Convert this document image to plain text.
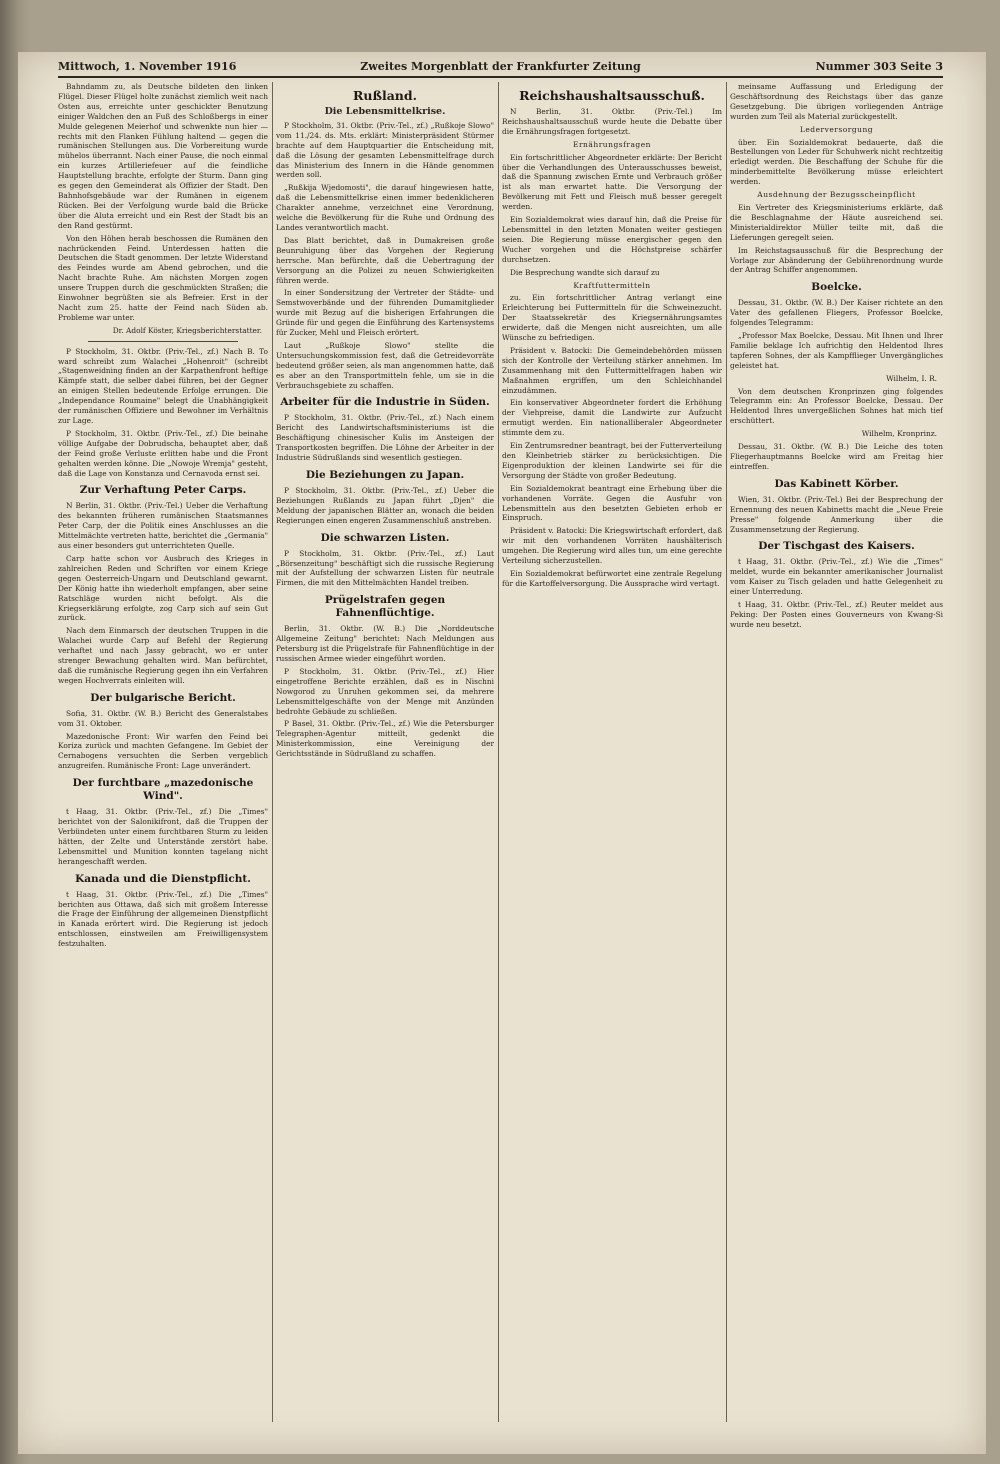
Mittwoch, 1. November 1916	Zweites Morgenblatt der Frankfurter Zeitung	Nummer 303 Seite 3

Bahndamm zu, als Deutsche bildeten den linken Flügel. Dieser Flügel holte zunächst ziemlich weit nach Osten aus, erreichte unter geschickter Benutzung einiger Waldchen den an Fuß des Schloßbergs in einer Mulde gelegenen Meierhof und schwenkte nun hier — rechts mit den Flanken Fühlung haltend — gegen die rumänischen Stellungen aus. Die Vorbereitung wurde mühelos überrannt. Nach einer Pause, die noch einmal ein kurzes Artilleriefeuer auf die feindliche Hauptstellung brachte, erfolgte der Sturm. Dann ging es gegen den Gemeinderat als Offizier der Stadt. Den Bahnhofsgebäude war der Rumänen in eigenem Rücken. Bei der Verfolgung wurde bald die Brücke über die Aluta erreicht und ein Rest der Stadt bis an den Rand gestürmt.

Von den Höhen herab beschossen die Rumänen den nachrückenden Feind. Unterdessen hatten die Deutschen die Stadt genommen. Der letzte Widerstand des Feindes wurde am Abend gebrochen, und die Nacht brachte Ruhe. Am nächsten Morgen zogen unsere Truppen durch die geschmückten Straßen; die Einwohner begrüßten sie als Befreier. Erst in der Nacht zum 25. hatte der Feind nach Süden ab. Probleme war unter.

Dr. Adolf Köster, Kriegsberichterstatter.

P Stockholm, 31. Oktbr. (Priv.-Tel., zf.) Nach B. To ward schreibt zum Walachei „Hohenroit" (schreibt „Stagenweidning finden an der Karpathenfront heftige Kämpfe statt, die selber dabei führen, bei der Gegner an einigen Stellen bedeutende Erfolge errungen. Die „Independance Roumaine" belegt die Unabhängigkeit der rumänischen Offiziere und Bewohner im Verhältnis zur Lage.

P Stockholm, 31. Oktbr. (Priv.-Tel., zf.) Die beinahe völlige Aufgabe der Dobrudscha, behauptet aber, daß der Feind große Verluste erlitten habe und die Front gehalten werden könne. Die „Nowoje Wremja" gesteht, daß die Lage von Konstanza und Cernavoda ernst sei.

Zur Verhaftung Peter Carps.

N Berlin, 31. Oktbr. (Priv.-Tel.) Ueber die Verhaftung des bekannten früheren rumänischen Staatsmannes Peter Carp, der die Politik eines Anschlusses an die Mittelmächte vertreten hatte, berichtet die „Germania" aus einer besonders gut unterrichteten Quelle.

Carp hatte schon vor Ausbruch des Krieges in zahlreichen Reden und Schriften vor einem Kriege gegen Oesterreich-Ungarn und Deutschland gewarnt. Der König hatte ihn wiederholt empfangen, aber seine Ratschläge wurden nicht befolgt. Als die Kriegserklärung erfolgte, zog Carp sich auf sein Gut zurück.

Nach dem Einmarsch der deutschen Truppen in die Walachei wurde Carp auf Befehl der Regierung verhaftet und nach Jassy gebracht, wo er unter strenger Bewachung gehalten wird. Man befürchtet, daß die rumänische Regierung gegen ihn ein Verfahren wegen Hochverrats einleiten will.

Der bulgarische Bericht.

Sofia, 31. Oktbr. (W. B.) Bericht des Generalstabes vom 31. Oktober.

Mazedonische Front: Wir warfen den Feind bei Koriza zurück und machten Gefangene. Im Gebiet der Cernabogens versuchten die Serben vergeblich anzugreifen. Rumänische Front: Lage unverändert.

Der furchtbare „mazedonische Wind".

t Haag, 31. Oktbr. (Priv.-Tel., zf.) Die „Times" berichtet von der Salonikifront, daß die Truppen der Verbündeten unter einem furchtbaren Sturm zu leiden hätten, der Zelte und Unterstände zerstört habe. Lebensmittel und Munition konnten tagelang nicht herangeschafft werden.

Kanada und die Dienstpflicht.

t Haag, 31. Oktbr. (Priv.-Tel., zf.) Die „Times" berichten aus Ottawa, daß sich mit großem Interesse die Frage der Einführung der allgemeinen Dienstpflicht in Kanada erörtert wird. Die Regierung ist jedoch entschlossen, einstweilen am Freiwilligensystem festzuhalten.

Rußland.
Die Lebensmittelkrise.

P Stockholm, 31. Oktbr. (Priv.-Tel., zf.) „Rußkoje Slowo" vom 11./24. ds. Mts. erklärt: Ministerpräsident Stürmer brachte auf dem Hauptquartier die Entscheidung mit, daß die Lösung der gesamten Lebensmittelfrage durch das Ministerium des Innern in die Hände genommen werden soll.

„Rußkija Wjedomosti", die darauf hingewiesen hatte, daß die Lebensmittelkrise einen immer bedenklicheren Charakter annehme, verzeichnet eine Verordnung, welche die Bevölkerung für die Ruhe und Ordnung des Landes verantwortlich macht.

Das Blatt berichtet, daß in Dumakreisen große Beunruhigung über das Vorgehen der Regierung herrsche. Man befürchte, daß die Uebertragung der Versorgung an die Polizei zu neuen Schwierigkeiten führen werde.

In einer Sondersitzung der Vertreter der Städte- und Semstwoverbände und der führenden Dumamitglieder wurde mit Bezug auf die bisherigen Erfahrungen die Gründe für und gegen die Einführung des Kartensystems für Zucker, Mehl und Fleisch erörtert.

Laut „Rußkoje Slowo" stellte die Untersuchungskommission fest, daß die Getreidevorräte bedeutend größer seien, als man angenommen hatte, daß es aber an den Transportmitteln fehle, um sie in die Verbrauchsgebiete zu schaffen.

Arbeiter für die Industrie in Süden.

P Stockholm, 31. Oktbr. (Priv.-Tel., zf.) Nach einem Bericht des Landwirtschaftsministeriums ist die Beschäftigung chinesischer Kulis im Ansteigen der Transportkosten begriffen. Die Löhne der Arbeiter in der Industrie Südrußlands sind wesentlich gestiegen.

Die Beziehungen zu Japan.

P Stockholm, 31. Oktbr. (Priv.-Tel., zf.) Ueber die Beziehungen Rußlands zu Japan führt „Djen" die Meldung der japanischen Blätter an, wonach die beiden Regierungen einen engeren Zusammenschluß anstreben.

Die schwarzen Listen.

P Stockholm, 31. Oktbr. (Priv.-Tel., zf.) Laut „Börsenzeitung" beschäftigt sich die russische Regierung mit der Aufstellung der schwarzen Listen für neutrale Firmen, die mit den Mittelmächten Handel treiben.

Prügelstrafen gegen Fahnenflüchtige.

Berlin, 31. Oktbr. (W. B.) Die „Norddeutsche Allgemeine Zeitung" berichtet: Nach Meldungen aus Petersburg ist die Prügelstrafe für Fahnenflüchtige in der russischen Armee wieder eingeführt worden.

P Stockholm, 31. Oktbr. (Priv.-Tel., zf.) Hier eingetroffene Berichte erzählen, daß es in Nischni Nowgorod zu Unruhen gekommen sei, da mehrere Lebensmittelgeschäfte von der Menge mit Anzünden bedrohte Gebäude zu schließen.

P Basel, 31. Oktbr. (Priv.-Tel., zf.) Wie die Petersburger Telegraphen-Agentur mitteilt, gedenkt die Ministerkommission, eine Vereinigung der Gerichtsstände in Südrußland zu schaffen.

Reichshaushaltsausschuß.

N Berlin, 31. Oktbr. (Priv.-Tel.) Im Reichshaushaltsausschuß wurde heute die Debatte über die Ernährungsfragen fortgesetzt.

Ernährungsfragen

Ein fortschrittlicher Abgeordneter erklärte: Der Bericht über die Verhandlungen des Unterausschusses beweist, daß die Spannung zwischen Ernte und Verbrauch größer ist als man erwartet hatte. Die Versorgung der Bevölkerung mit Fett und Fleisch muß besser geregelt werden.

Ein Sozialdemokrat wies darauf hin, daß die Preise für Lebensmittel in den letzten Monaten weiter gestiegen seien. Die Regierung müsse energischer gegen den Wucher vorgehen und die Höchstpreise schärfer durchsetzen.

Die Besprechung wandte sich darauf zu

Kraftfuttermitteln

zu. Ein fortschrittlicher Antrag verlangt eine Erleichterung bei Futtermitteln für die Schweinezucht. Der Staatssekretär des Kriegsernährungsamtes erwiderte, daß die Mengen nicht ausreichten, um alle Wünsche zu befriedigen.

Präsident v. Batocki: Die Gemeindebehörden müssen sich der Kontrolle der Verteilung stärker annehmen. Im Zusammenhang mit den Futtermittelfragen haben wir Maßnahmen ergriffen, um den Schleichhandel einzudämmen.

Ein konservativer Abgeordneter fordert die Erhöhung der Viehpreise, damit die Landwirte zur Aufzucht ermutigt werden. Ein nationalliberaler Abgeordneter stimmte dem zu.

Ein Zentrumsredner beantragt, bei der Futterverteilung den Kleinbetrieb stärker zu berücksichtigen. Die Eigenproduktion der kleinen Landwirte sei für die Versorgung der Städte von großer Bedeutung.

Ein Sozialdemokrat beantragt eine Erhebung über die vorhandenen Vorräte. Gegen die Ausfuhr von Lebensmitteln aus den besetzten Gebieten erhob er Einspruch.

Präsident v. Batocki: Die Kriegswirtschaft erfordert, daß wir mit den vorhandenen Vorräten haushälterisch umgehen. Die Regierung wird alles tun, um eine gerechte Verteilung sicherzustellen.

Ein Sozialdemokrat befürwortet eine zentrale Regelung für die Kartoffelversorgung. Die Aussprache wird vertagt.

meinsame Auffassung und Erledigung der Geschäftsordnung des Reichstags über das ganze Gesetzgebung. Die übrigen vorliegenden Anträge wurden zum Teil als Material zurückgestellt.

Lederversorgung

über. Ein Sozialdemokrat bedauerte, daß die Bestellungen von Leder für Schuhwerk nicht rechtzeitig erledigt werden. Die Beschaffung der Schuhe für die minderbemittelte Bevölkerung müsse erleichtert werden.

Ausdehnung der Bezugsscheinpflicht

Ein Vertreter des Kriegsministeriums erklärte, daß die Beschlagnahme der Häute ausreichend sei. Ministerialdirektor Müller teilte mit, daß die Lieferungen geregelt seien.

Im Reichstagsausschuß für die Besprechung der Vorlage zur Abänderung der Gebührenordnung wurde der Antrag Schiffer angenommen.

Boelcke.

Dessau, 31. Oktbr. (W. B.) Der Kaiser richtete an den Vater des gefallenen Fliegers, Professor Boelcke, folgendes Telegramm:

„Professor Max Boelcke, Dessau. Mit Ihnen und Ihrer Familie beklage Ich aufrichtig den Heldentod Ihres tapferen Sohnes, der als Kampfflieger Unvergängliches geleistet hat.

Wilhelm, I. R.

Von dem deutschen Kronprinzen ging folgendes Telegramm ein: An Professor Boelcke, Dessau. Der Heldentod Ihres unvergeßlichen Sohnes hat mich tief erschüttert.

Wilhelm, Kronprinz.

Dessau, 31. Oktbr. (W. B.) Die Leiche des toten Fliegerhauptmanns Boelcke wird am Freitag hier eintreffen.

Das Kabinett Körber.

Wien, 31. Oktbr. (Priv.-Tel.) Bei der Besprechung der Ernennung des neuen Kabinetts macht die „Neue Freie Presse" folgende Anmerkung über die Zusammensetzung der Regierung.

Der Tischgast des Kaisers.

t Haag, 31. Oktbr. (Priv.-Tel., zf.) Wie die „Times" meldet, wurde ein bekannter amerikanischer Journalist vom Kaiser zu Tisch geladen und hatte Gelegenheit zu einer Unterredung.

t Haag, 31. Oktbr. (Priv.-Tel., zf.) Reuter meldet aus Peking: Der Posten eines Gouverneurs von Kwang-Si wurde neu besetzt.
